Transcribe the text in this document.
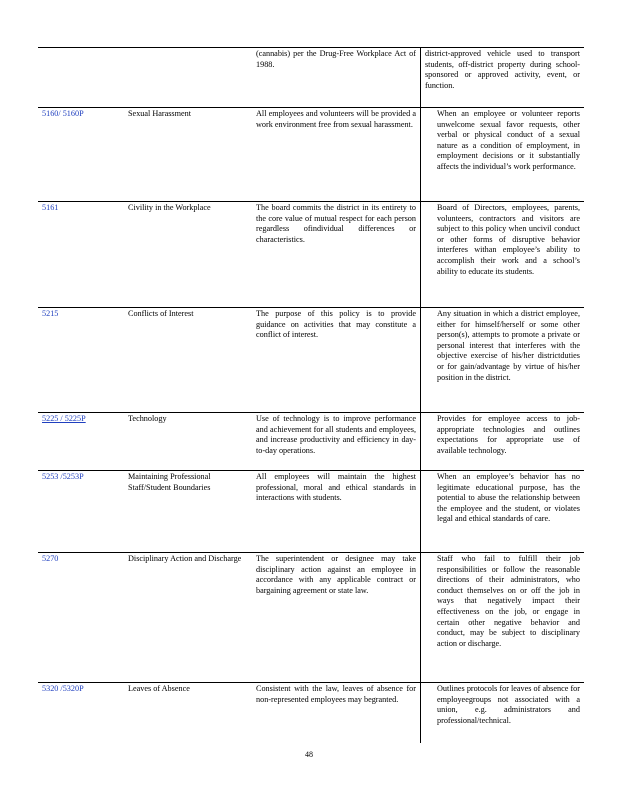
		(cannabis) per the Drug-Free Workplace Act of 1988.	district-approved vehicle used to transport students, off-district property during school-sponsored or approved activity, event, or function.
5160/ 5160P	Sexual Harassment	All employees and volunteers will be provided a work environment free from sexual harassment.	When an employee or volunteer reports unwelcome sexual favor requests, other verbal or physical conduct of a sexual nature as a condition of employment, in employment decisions or it substantially affects the individual’s work performance.

5161	Civility in the Workplace	The board commits the district in its entirety to the core value of mutual respect for each person regardless ofindividual differences or characteristics.	Board of Directors, employees, parents, volunteers, contractors and visitors are subject to this policy when uncivil conduct or other forms of disruptive behavior interferes withan employee’s ability to accomplish their work and a school’s ability to educate its students.

5215	Conflicts of Interest	The purpose of this policy is to provide guidance on activities that may constitute a conflict of interest.	Any situation in which a district employee, either for himself/herself or some other person(s), attempts to promote a private or personal interest that interferes with the objective exercise of his/her districtduties or for gain/advantage by virtue of his/her position in the district.

5225 / 5225P	Technology	Use of technology is to improve performance and achievement for all students and employees, and increase productivity and efficiency in day-to-day operations.	Provides for employee access to job-appropriate technologies and outlines expectations for appropriate use of available technology.

5253 /5253P	Maintaining Professional Staff/Student Boundaries	All employees will maintain the highest professional, moral and ethical standards in interactions with students.	When an employee’s behavior has no legitimate educational purpose, has the potential to abuse the relationship between the employee and the student, or violates legal and ethical standards of care.

5270	Disciplinary Action and Discharge	The superintendent or designee may take disciplinary action against an employee in accordance with any applicable contract or bargaining agreement or state law.	Staff who fail to fulfill their job responsibilities or follow the reasonable directions of their administrators, who conduct themselves on or off the job in ways that negatively impact their effectiveness on the job, or engage in certain other negative behavior and conduct, may be subject to disciplinary action or discharge.

5320 /5320P	Leaves of Absence	Consistent with the law, leaves of absence for non-represented employees may begranted.	Outlines protocols for leaves of absence for employeegroups not associated with a union, e.g. administrators and professional/technical.
48
